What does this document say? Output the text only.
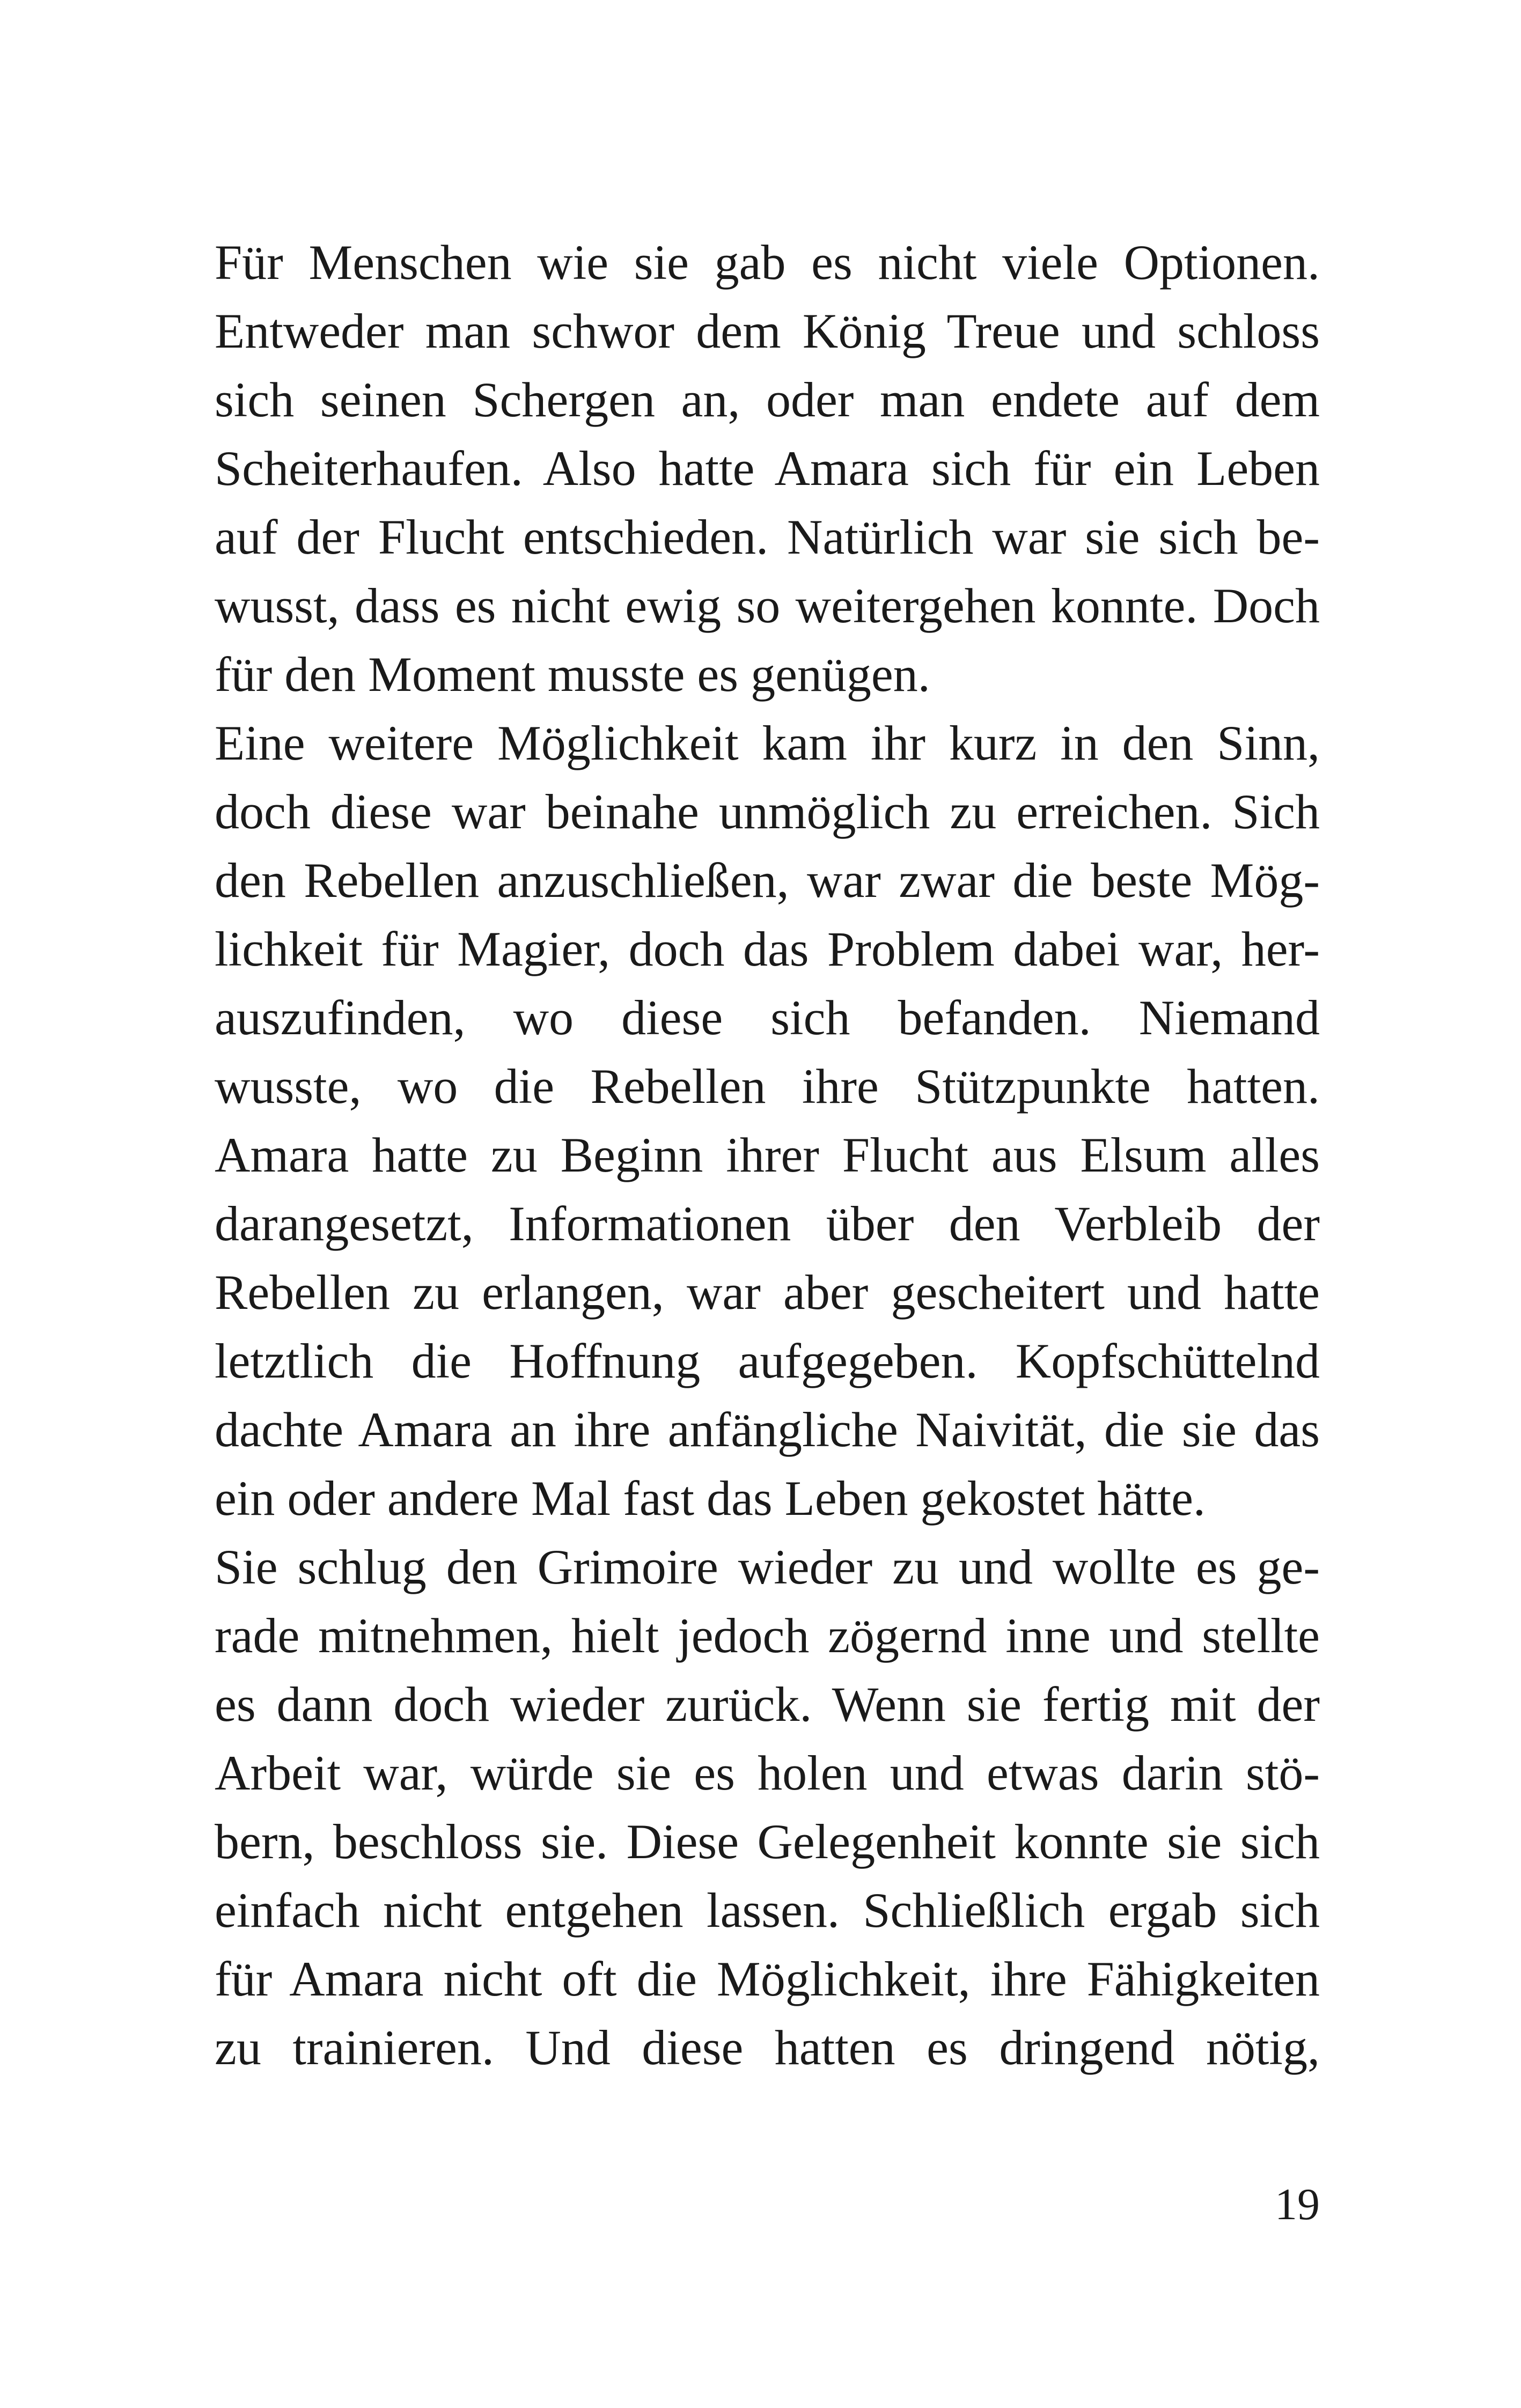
Für Menschen wie sie gab es nicht viele Optionen.
Entweder man schwor dem König Treue und schloss
sich seinen Schergen an, oder man endete auf dem
Scheiterhaufen. Also hatte Amara sich für ein Leben
auf der Flucht entschieden. Natürlich war sie sich be-
wusst, dass es nicht ewig so weitergehen konnte. Doch
für den Moment musste es genügen.
Eine weitere Möglichkeit kam ihr kurz in den Sinn,
doch diese war beinahe unmöglich zu erreichen. Sich
den Rebellen anzuschließen, war zwar die beste Mög-
lichkeit für Magier, doch das Problem dabei war, her-
auszufinden, wo diese sich befanden. Niemand
wusste, wo die Rebellen ihre Stützpunkte hatten.
Amara hatte zu Beginn ihrer Flucht aus Elsum alles
darangesetzt, Informationen über den Verbleib der
Rebellen zu erlangen, war aber gescheitert und hatte
letztlich die Hoffnung aufgegeben. Kopfschüttelnd
dachte Amara an ihre anfängliche Naivität, die sie das
ein oder andere Mal fast das Leben gekostet hätte.
Sie schlug den Grimoire wieder zu und wollte es ge-
rade mitnehmen, hielt jedoch zögernd inne und stellte
es dann doch wieder zurück. Wenn sie fertig mit der
Arbeit war, würde sie es holen und etwas darin stö-
bern, beschloss sie. Diese Gelegenheit konnte sie sich
einfach nicht entgehen lassen. Schließlich ergab sich
für Amara nicht oft die Möglichkeit, ihre Fähigkeiten
zu trainieren. Und diese hatten es dringend nötig,
19
